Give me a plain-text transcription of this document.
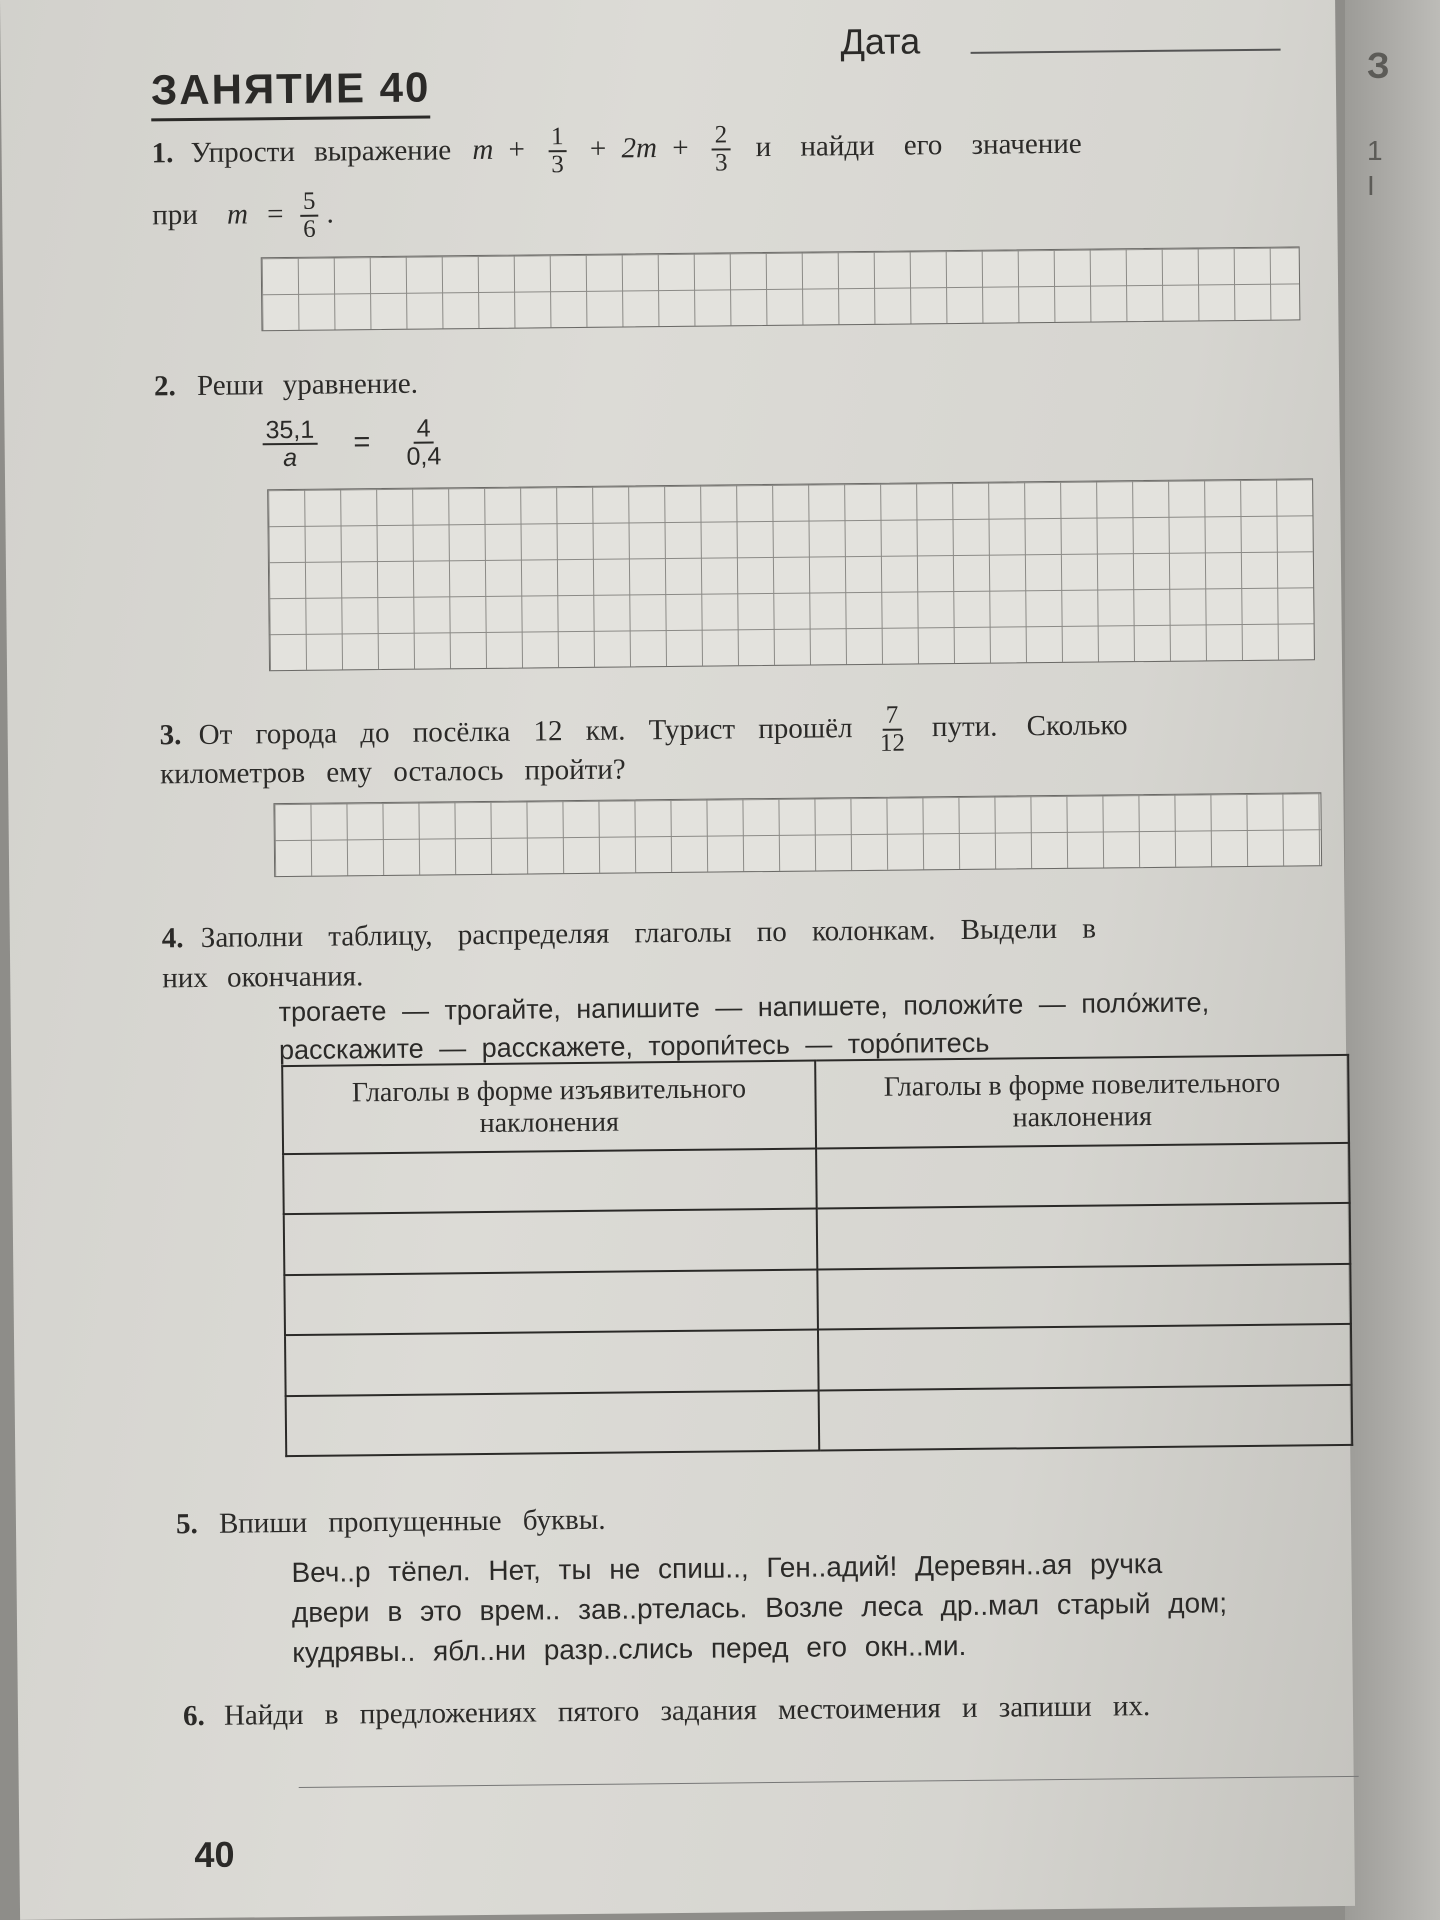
З
1
I
Дата
ЗАНЯТИЕ 40
1. Упрости выражение $m + \frac{1}{3} + 2m + \frac{2}{3}$ и найди его значение
при $m = \frac{5}{6}$ .
2. Реши уравнение.
$\frac{35,1}{a} = \frac{4}{0,4}$
3. От города до посёлка 12 км. Турист прошёл $\frac{7}{12}$ пути. Сколько
километров ему осталось пройти?
4. Заполни таблицу, распределяя глаголы по колонкам. Выдели в
них окончания.
трогаете — трогайте, напишите — напишете, положи́те — поло́жите,
расскажите — расскажете, торопи́тесь — торо́питесь
Глаголы в форме изъявительного наклонения	Глаголы в форме повелительного наклонения

5. Впиши пропущенные буквы.
Веч..р тёпел. Нет, ты не спиш.., Ген..адий! Деревян..ая ручка
двери в это врем.. зав..ртелась. Возле леса др..мал старый дом;
кудрявы.. ябл..ни разр..слись перед его окн..ми.
6. Найди в предложениях пятого задания местоимения и запиши их.
40
